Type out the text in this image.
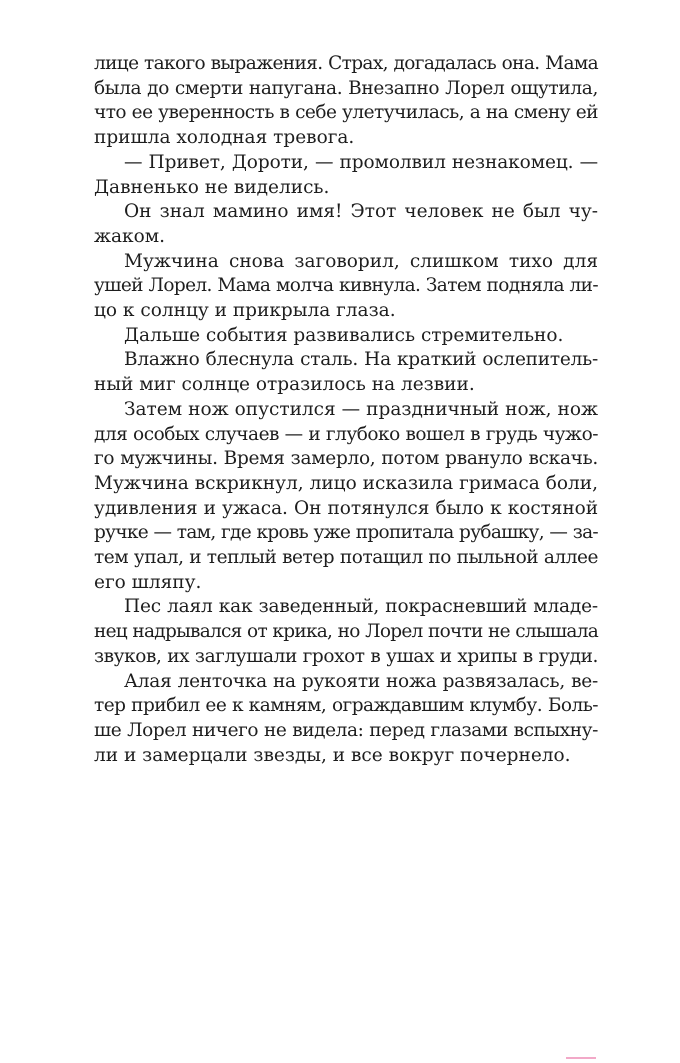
лице такого выражения. Страх, догадалась она. Мама
была до смерти напугана. Внезапно Лорел ощутила,
что ее уверенность в себе улетучилась, а на смену ей
пришла холодная тревога.
— Привет, Дороти, — промолвил незнакомец. —
Давненько не виделись.
Он знал мамино имя! Этот человек не был чу-
жаком.
Мужчина снова заговорил, слишком тихо для
ушей Лорел. Мама молча кивнула. Затем подняла ли-
цо к солнцу и прикрыла глаза.
Дальше события развивались стремительно.
Влажно блеснула сталь. На краткий ослепитель-
ный миг солнце отразилось на лезвии.
Затем нож опустился — праздничный нож, нож
для особых случаев — и глубоко вошел в грудь чужо-
го мужчины. Время замерло, потом рвануло вскачь.
Мужчина вскрикнул, лицо исказила гримаса боли,
удивления и ужаса. Он потянулся было к костяной
ручке — там, где кровь уже пропитала рубашку, — за-
тем упал, и теплый ветер потащил по пыльной аллее
его шляпу.
Пес лаял как заведенный, покрасневший младе-
нец надрывался от крика, но Лорел почти не слышала
звуков, их заглушали грохот в ушах и хрипы в груди.
Алая ленточка на рукояти ножа развязалась, ве-
тер прибил ее к камням, ограждавшим клумбу. Боль-
ше Лорел ничего не видела: перед глазами вспыхну-
ли и замерцали звезды, и все вокруг почернело.
